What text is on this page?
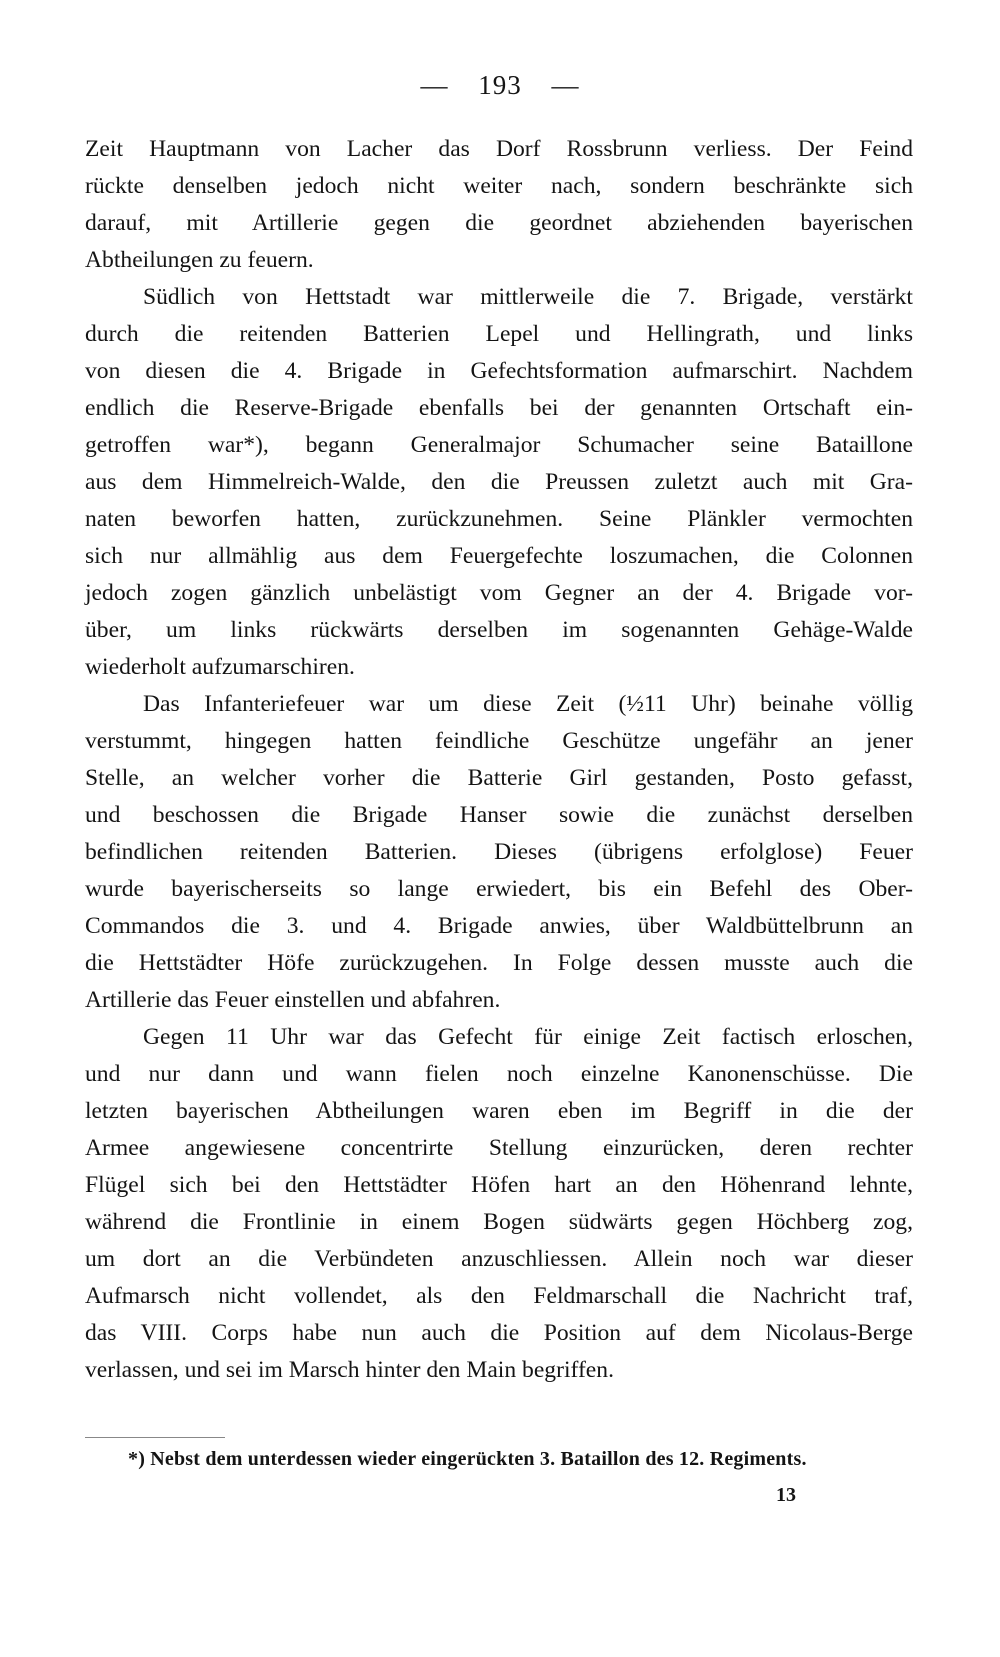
— 193 —
Zeit Hauptmann von Lacher das Dorf Rossbrunn verliess. Der Feind
rückte denselben jedoch nicht weiter nach, sondern beschränkte sich
darauf, mit Artillerie gegen die geordnet abziehenden bayerischen
Abtheilungen zu feuern.
Südlich von Hettstadt war mittlerweile die 7. Brigade, verstärkt
durch die reitenden Batterien Lepel und Hellingrath, und links
von diesen die 4. Brigade in Gefechtsformation aufmarschirt. Nachdem
endlich die Reserve-Brigade ebenfalls bei der genannten Ortschaft ein-
getroffen war*), begann Generalmajor Schumacher seine Bataillone
aus dem Himmelreich-Walde, den die Preussen zuletzt auch mit Gra-
naten beworfen hatten, zurückzunehmen. Seine Plänkler vermochten
sich nur allmählig aus dem Feuergefechte loszumachen, die Colonnen
jedoch zogen gänzlich unbelästigt vom Gegner an der 4. Brigade vor-
über, um links rückwärts derselben im sogenannten Gehäge-Walde
wiederholt aufzumarschiren.
Das Infanteriefeuer war um diese Zeit (½11 Uhr) beinahe völlig
verstummt, hingegen hatten feindliche Geschütze ungefähr an jener
Stelle, an welcher vorher die Batterie Girl gestanden, Posto gefasst,
und beschossen die Brigade Hanser sowie die zunächst derselben
befindlichen reitenden Batterien. Dieses (übrigens erfolglose) Feuer
wurde bayerischerseits so lange erwiedert, bis ein Befehl des Ober-
Commandos die 3. und 4. Brigade anwies, über Waldbüttelbrunn an
die Hettstädter Höfe zurückzugehen. In Folge dessen musste auch die
Artillerie das Feuer einstellen und abfahren.
Gegen 11 Uhr war das Gefecht für einige Zeit factisch erloschen,
und nur dann und wann fielen noch einzelne Kanonenschüsse. Die
letzten bayerischen Abtheilungen waren eben im Begriff in die der
Armee angewiesene concentrirte Stellung einzurücken, deren rechter
Flügel sich bei den Hettstädter Höfen hart an den Höhenrand lehnte,
während die Frontlinie in einem Bogen südwärts gegen Höchberg zog,
um dort an die Verbündeten anzuschliessen. Allein noch war dieser
Aufmarsch nicht vollendet, als den Feldmarschall die Nachricht traf,
das VIII. Corps habe nun auch die Position auf dem Nicolaus-Berge
verlassen, und sei im Marsch hinter den Main begriffen.
*) Nebst dem unterdessen wieder eingerückten 3. Bataillon des 12. Regiments.
13
